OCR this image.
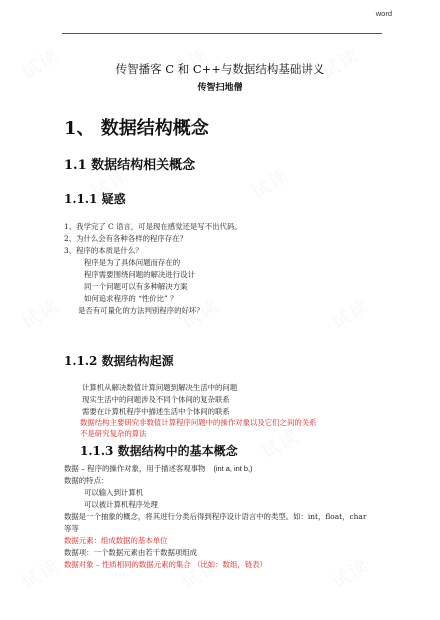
word
传智播客 C 和 C++与数据结构基础讲义
传智扫地僧
1、 数据结构概念
1.1 数据结构相关概念
1.1.1 疑惑
1、我学完了 C 语言，可是现在感觉还是写不出代码。
2、为什么会有各种各样的程序存在？
3、程序的本质是什么？
程序是为了具体问题而存在的
程序需要围绕问题的解决进行设计
同一个问题可以有多种解决方案
如何追求程序的 “性价比” ？
是否有可量化的方法判别程序的好坏？
1.1.2 数据结构起源
计算机从解决数值计算问题到解决生活中的问题
现实生活中的问题涉及不同个体间的复杂联系
需要在计算机程序中描述生活中个体间的联系
1.1.3 数据结构中的基本概念
数据结构主要研究非数值计算程序问题中的操作对象以及它们之间的关系
不是研究复杂的算法
数据 – 程序的操作对象，用于描述客观事物 (int a, int b,)
数据的特点：
可以输入到计算机
可以被计算机程序处理
数据是一个抽象的概念，将其进行分类后得到程序设计语言中的类型。如：int，float，char
等等
数据元素：组成数据的基本单位
数据项：一个数据元素由若干数据项组成
数据对象 – 性质相同的数据元素的集合 （比如：数组，链表）
